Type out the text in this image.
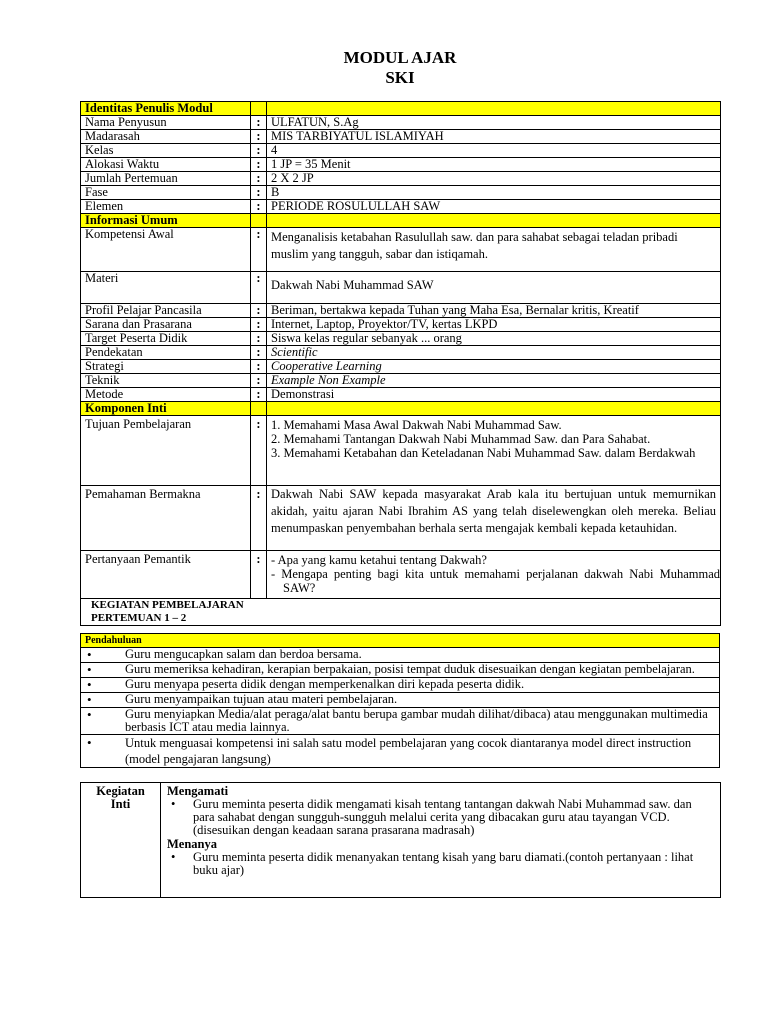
MODUL AJAR
SKI
Identitas Penulis Modul		
Nama Penyusun	:	ULFATUN, S.Ag
Madarasah	:	MIS TARBIYATUL ISLAMIYAH
Kelas	:	4
Alokasi Waktu	:	1 JP = 35 Menit
Jumlah Pertemuan	:	2 X 2 JP
Fase	:	B
Elemen	:	PERIODE ROSULULLAH SAW
Informasi Umum		
Kompetensi Awal	:	Menganalisis ketabahan Rasulullah saw. dan para sahabat sebagai teladan pribadi muslim yang tangguh, sabar dan istiqamah.
Materi	:	Dakwah Nabi Muhammad SAW
Profil Pelajar Pancasila	:	Beriman, bertakwa kepada Tuhan yang Maha Esa, Bernalar kritis, Kreatif
Sarana dan Prasarana	:	Internet, Laptop, Proyektor/TV, kertas LKPD
Target Peserta Didik	:	Siswa kelas regular sebanyak ... orang
Pendekatan	:	Scientific
Strategi	:	Cooperative Learning
Teknik	:	Example Non Example
Metode	:	Demonstrasi
Komponen Inti		
Tujuan Pembelajaran	:	1. Memahami Masa Awal Dakwah Nabi Muhammad Saw.
2. Memahami Tantangan Dakwah Nabi Muhammad Saw. dan Para Sahabat.
3. Memahami Ketabahan dan Keteladanan Nabi Muhammad Saw. dalam Berdakwah

Pemahaman Bermakna	:	Dakwah Nabi SAW kepada masyarakat Arab kala itu bertujuan untuk memurnikan akidah, yaitu ajaran Nabi Ibrahim AS yang telah diselewengkan oleh mereka. Beliau menumpaskan penyembahan berhala serta mengajak kembali kepada ketauhidan.
Pertanyaan Pemantik	:	- Apa yang kamu ketahui tentang Dakwah?
- Mengapa penting bagi kita untuk memahami perjalanan dakwah Nabi Muhammad SAW?

KEGIATAN PEMBELAJARAN
PERTEMUAN 1 – 2		
Pendahuluan

•
Guru mengucapkan salam dan berdoa bersama.

•
Guru memeriksa kehadiran, kerapian berpakaian, posisi tempat duduk disesuaikan dengan kegiatan pembelajaran.

•
Guru menyapa peserta didik dengan memperkenalkan diri kepada peserta didik.

•
Guru menyampaikan tujuan atau materi pembelajaran.

•
Guru menyiapkan Media/alat peraga/alat bantu berupa gambar mudah dilihat/dibaca) atau menggunakan multimedia berbasis ICT atau media lainnya.

•
Untuk menguasai kompetensi ini salah satu model pembelajaran yang cocok diantaranya model direct instruction (model pengajaran langsung)
Kegiatan
Inti

Mengamati
•
Guru meminta peserta didik mengamati kisah tentang tantangan dakwah Nabi Muhammad saw. dan para sahabat dengan sungguh-sungguh melalui cerita yang dibacakan guru atau tayangan VCD. (disesuikan dengan keadaan sarana prasarana madrasah)
Menanya
•
Guru meminta peserta didik menanyakan tentang kisah yang baru diamati.(contoh pertanyaan : lihat buku ajar)
